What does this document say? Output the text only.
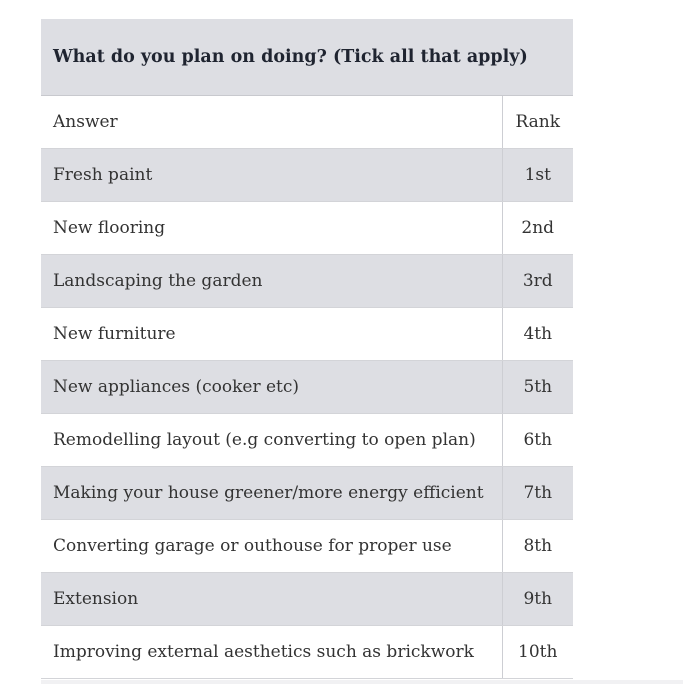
What do you plan on doing? (Tick all that apply)	
Answer	Rank
Fresh paint	1st
New flooring	2nd
Landscaping the garden	3rd
New furniture	4th
New appliances (cooker etc)	5th
Remodelling layout (e.g converting to open plan)	6th
Making your house greener/more energy efficient	7th
Converting garage or outhouse for proper use	8th
Extension	9th
Improving external aesthetics such as brickwork	10th
